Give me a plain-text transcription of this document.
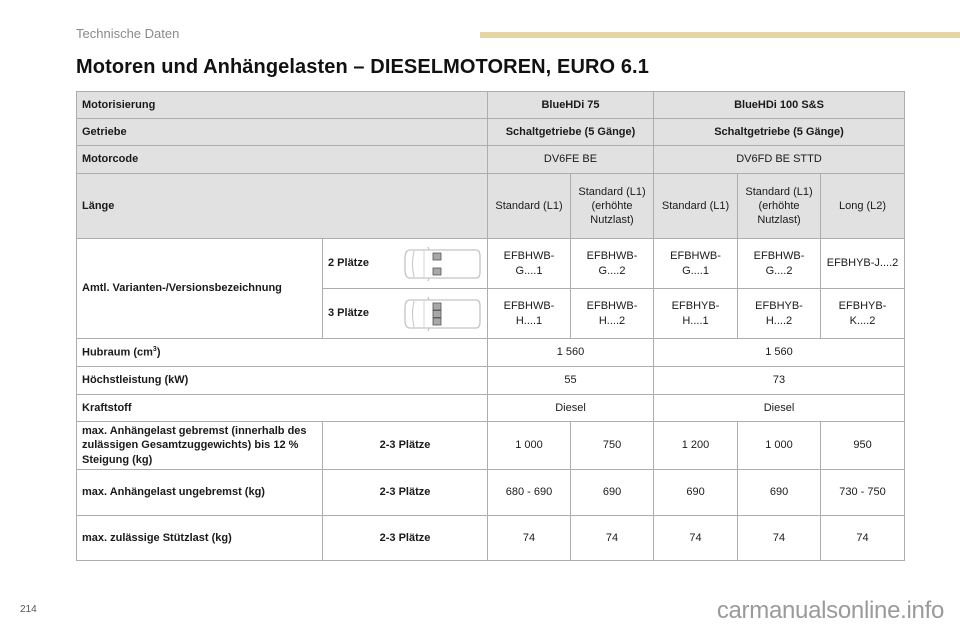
Technische Daten
Motoren und Anhängelasten – DIESELMOTOREN, EURO 6.1
Motorisierung		BlueHDi 75		BlueHDi 100 S&S		
Getriebe		Schaltgetriebe (5 Gänge)		Schaltgetriebe (5 Gänge)		
Motorcode		DV6FE BE		DV6FD BE STTD		
Länge		Standard (L1)	Standard (L1) (erhöhte Nutzlast)	Standard (L1)	Standard (L1) (erhöhte Nutzlast)	Long (L2)
Amtl. Varianten-/Versionsbezeichnung	2 Plätze	EFBHWB-G....1	EFBHWB-G....2	EFBHWB-G....1	EFBHWB-G....2	EFBHYB-J....2

	3 Plätze	EFBHWB-H....1	EFBHWB-H....2	EFBHYB-H....1	EFBHYB-H....2	EFBHYB-K....2
Hubraum $(cm^3)$		1 560		1 560		
Höchstleistung (kW)		55		73		
Kraftstoff		Diesel		Diesel		
max. Anhängelast gebremst (innerhalb des zulässigen Gesamtzuggewichts) bis 12 % Steigung (kg)	2-3 Plätze	1 000	750	1 200	1 000	950
max. Anhängelast ungebremst (kg)	2-3 Plätze	680 - 690	690	690	690	730 - 750
max. zulässige Stützlast (kg)	2-3 Plätze	74	74	74	74	74
214	carmanualsonline.info
